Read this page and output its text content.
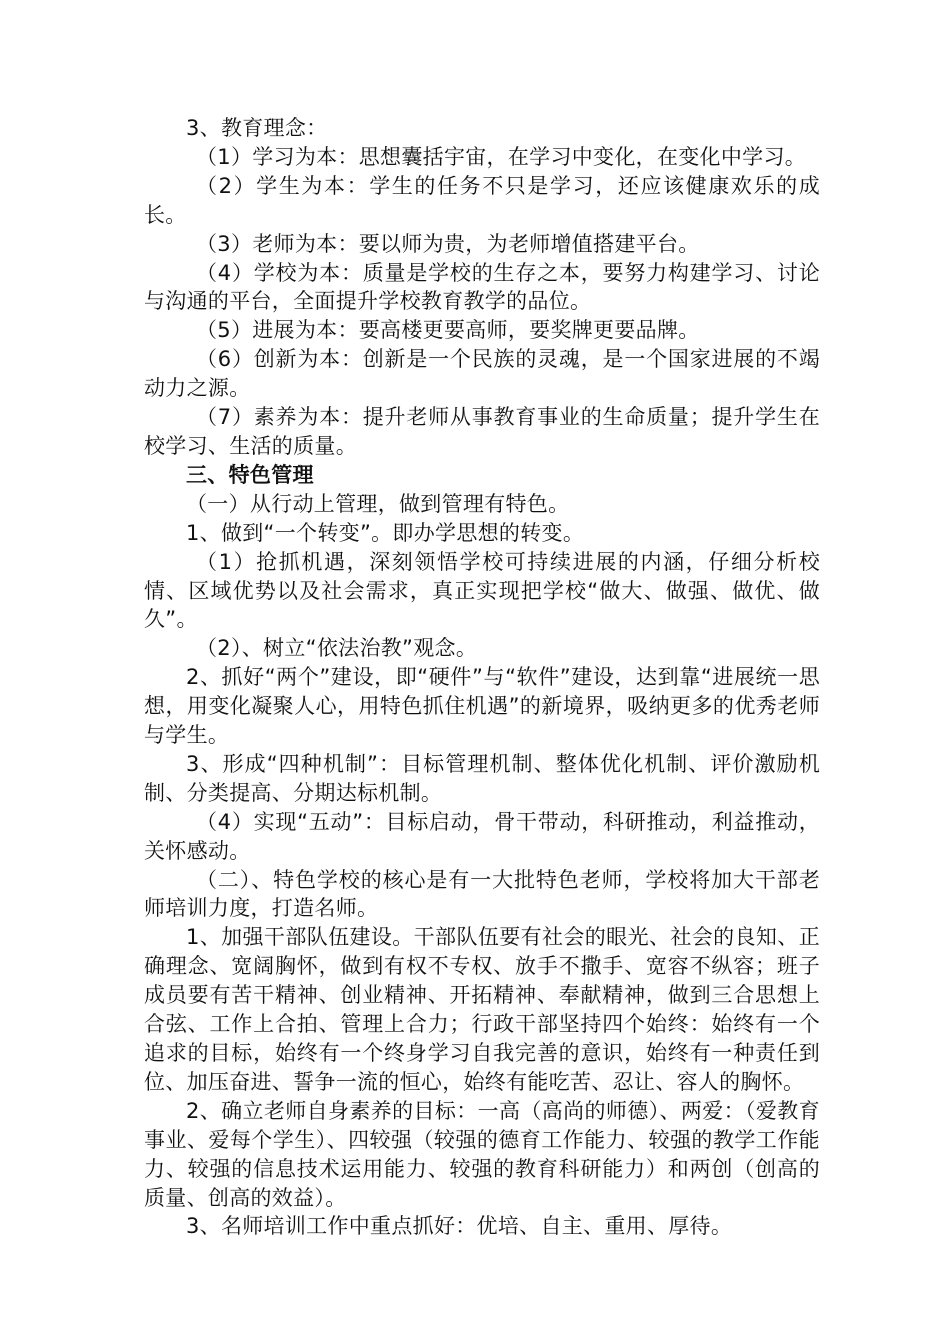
3、教育理念：

（1）学习为本：思想囊括宇宙，在学习中变化，在变化中学习。

（2）学生为本：学生的任务不只是学习，还应该健康欢乐的成长。

（3）老师为本：要以师为贵，为老师增值搭建平台。

（4）学校为本：质量是学校的生存之本，要努力构建学习、讨论与沟通的平台，全面提升学校教育教学的品位。

（5）进展为本：要高楼更要高师，要奖牌更要品牌。

（6）创新为本：创新是一个民族的灵魂，是一个国家进展的不竭动力之源。

（7）素养为本：提升老师从事教育事业的生命质量；提升学生在校学习、生活的质量。

三、特色管理

（一）从行动上管理，做到管理有特色。

1、做到“一个转变”。即办学思想的转变。

（1）抢抓机遇，深刻领悟学校可持续进展的内涵，仔细分析校情、区域优势以及社会需求，真正实现把学校“做大、做强、做优、做久”。

（2）、树立“依法治教”观念。

2、抓好“两个”建设，即“硬件”与“软件”建设，达到靠“进展统一思想，用变化凝聚人心，用特色抓住机遇”的新境界，吸纳更多的优秀老师与学生。

3、形成“四种机制”：目标管理机制、整体优化机制、评价激励机制、分类提高、分期达标机制。

（4）实现“五动”：目标启动，骨干带动，科研推动，利益推动，关怀感动。

（二）、特色学校的核心是有一大批特色老师，学校将加大干部老师培训力度，打造名师。

1、加强干部队伍建设。干部队伍要有社会的眼光、社会的良知、正确理念、宽阔胸怀，做到有权不专权、放手不撒手、宽容不纵容；班子成员要有苦干精神、创业精神、开拓精神、奉献精神，做到三合思想上合弦、工作上合拍、管理上合力；行政干部坚持四个始终：始终有一个追求的目标，始终有一个终身学习自我完善的意识，始终有一种责任到位、加压奋进、誓争一流的恒心，始终有能吃苦、忍让、容人的胸怀。

2、确立老师自身素养的目标：一高（高尚的师德）、两爱：（爱教育事业、爱每个学生）、四较强（较强的德育工作能力、较强的教学工作能力、较强的信息技术运用能力、较强的教育科研能力）和两创（创高的质量、创高的效益）。

3、名师培训工作中重点抓好：优培、自主、重用、厚待。
